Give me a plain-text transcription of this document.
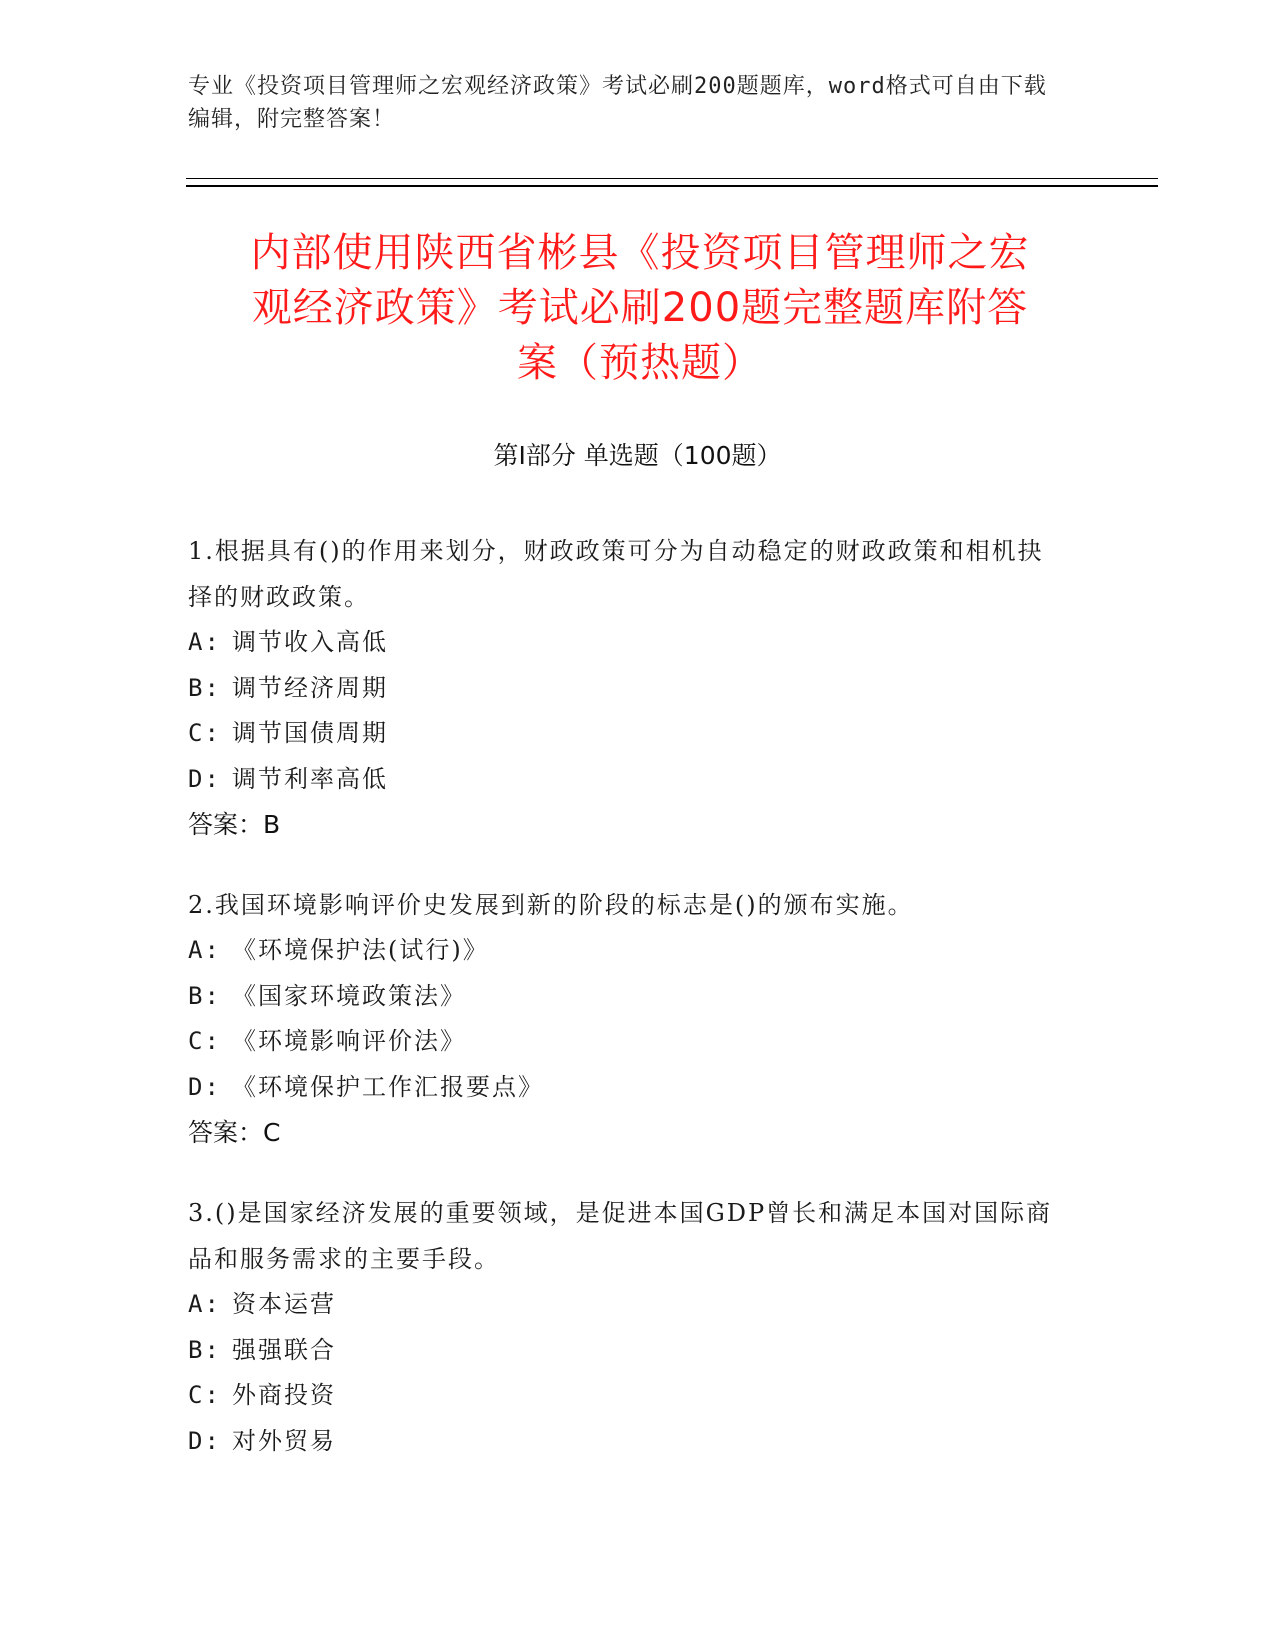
专业《投资项目管理师之宏观经济政策》考试必刷200题题库，word格式可自由下载编辑，附完整答案！
内部使用陕西省彬县《投资项目管理师之宏
观经济政策》考试必刷200题完整题库附答
案（预热题）
第Ⅰ部分 单选题（100题）
1.根据具有()的作用来划分，财政政策可分为自动稳定的财政政策和相机抉择的财政政策。
A: 调节收入高低
B: 调节经济周期
C: 调节国债周期
D: 调节利率高低
答案：B
2.我国环境影响评价史发展到新的阶段的标志是()的颁布实施。
A: 《环境保护法(试行)》
B: 《国家环境政策法》
C: 《环境影响评价法》
D: 《环境保护工作汇报要点》
答案：C
3.()是国家经济发展的重要领域，是促进本国GDP曾长和满足本国对国际商品和服务需求的主要手段。
A: 资本运营
B: 强强联合
C: 外商投资
D: 对外贸易
